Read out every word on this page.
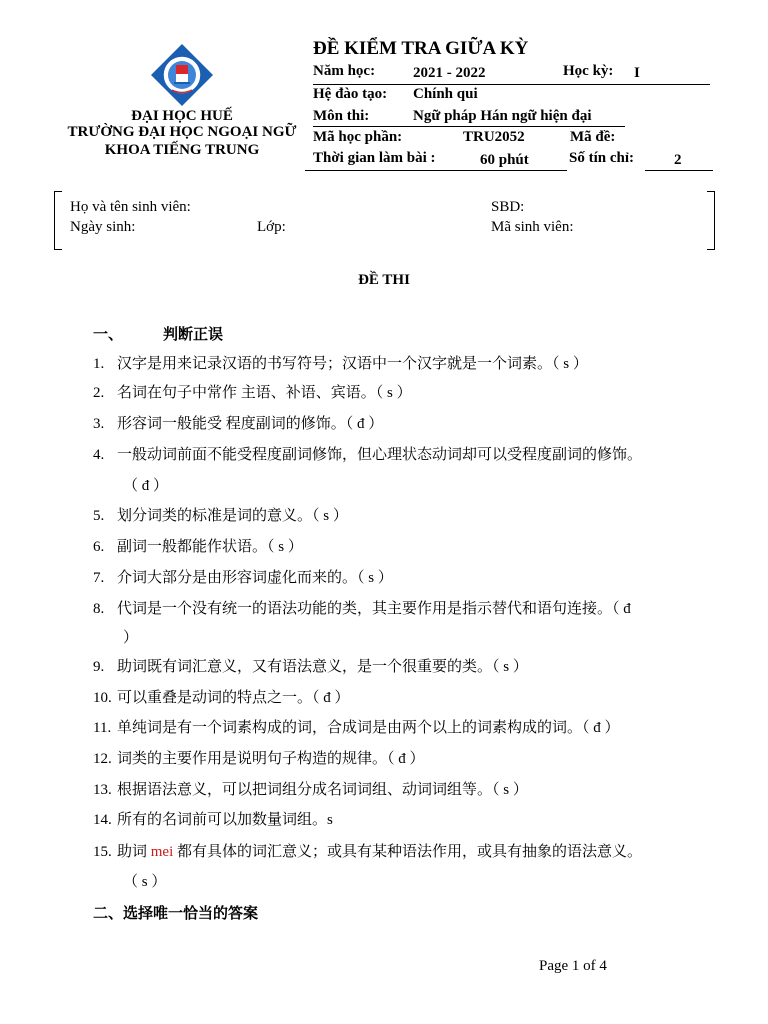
ĐẠI HỌC HUẾ
TRƯỜNG ĐẠI HỌC NGOẠI NGỮ
KHOA TIẾNG TRUNG
ĐỀ KIỂM TRA GIỮA KỲ
Năm học:	2021 - 2022	Học kỳ: I
Hệ đào tạo: Chính qui
Môn thi:	Ngữ pháp Hán ngữ hiện đại
Mã học phần:	TRU2052	Mã đề:
Thời gian làm bài :	60 phút	Số tín chỉ:	2
Họ và tên sinh viên:
Ngày sinh:	Lớp:
SBD:
Mã sinh viên:
ĐỀ THI
一、	判断正误
1. 汉字是用来记录汉语的书写符号；汉语中一个汉字就是一个词素。（ s ）
2. 名词在句子中常作 主语、补语、宾语。（ s ）
3. 形容词一般能受 程度副词的修饰。（ đ ）
4. 一般动词前面不能受程度副词修饰，但心理状态动词却可以受程度副词的修饰。
（ đ ）
5. 划分词类的标准是词的意义。（ s ）
6. 副词一般都能作状语。（ s ）
7. 介词大部分是由形容词虚化而来的。（ s ）
8. 代词是一个没有统一的语法功能的类，其主要作用是指示替代和语句连接。（ đ
）
9. 助词既有词汇意义，又有语法意义，是一个很重要的类。（ s ）
10. 可以重叠是动词的特点之一。（ đ ）
11. 单纯词是有一个词素构成的词，合成词是由两个以上的词素构成的词。（ đ ）
12. 词类的主要作用是说明句子构造的规律。（ đ ）
13. 根据语法意义，可以把词组分成名词词组、动词词组等。（ s ）
14. 所有的名词前可以加数量词组。s
15. 助词 mei 都有具体的词汇意义；或具有某种语法作用，或具有抽象的语法意义。
（ s ）
二、选择唯一恰当的答案
Page 1 of 4
